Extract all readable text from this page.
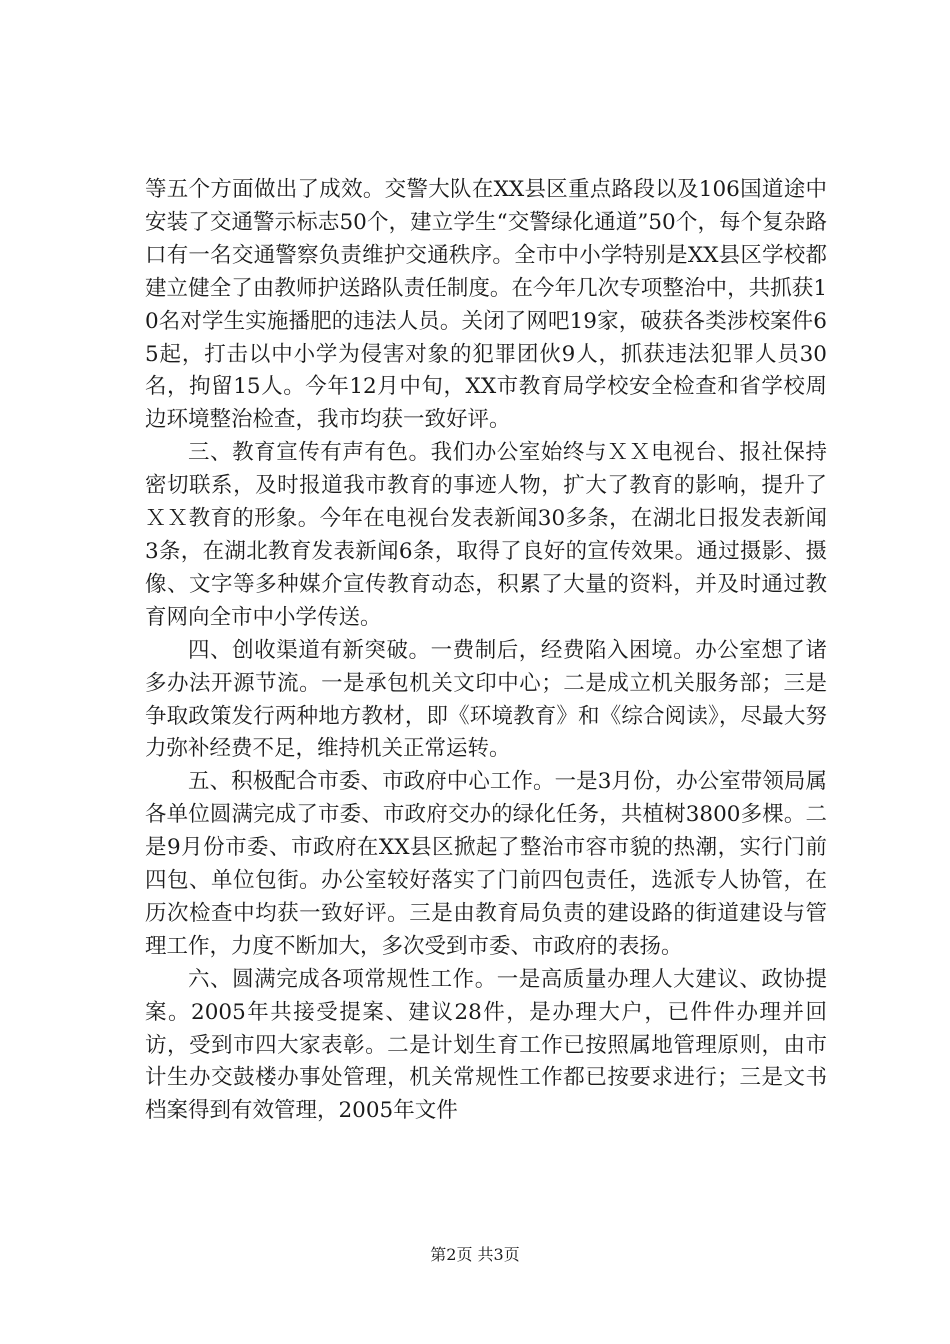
等五个方面做出了成效。交警大队在XX县区重点路段以及106国道途中安装了交通警示标志50个，建立学生“交警绿化通道”50个，每个复杂路口有一名交通警察负责维护交通秩序。全市中小学特别是XX县区学校都建立健全了由教师护送路队责任制度。在今年几次专项整治中，共抓获10名对学生实施播肥的违法人员。关闭了网吧19家，破获各类涉校案件65起，打击以中小学为侵害对象的犯罪团伙9人，抓获违法犯罪人员30名，拘留15人。今年12月中旬，XX市教育局学校安全检查和省学校周边环境整治检查，我市均获一致好评。

三、教育宣传有声有色。我们办公室始终与ＸＸ电视台、报社保持密切联系，及时报道我市教育的事迹人物，扩大了教育的影响，提升了ＸＸ教育的形象。今年在电视台发表新闻30多条，在湖北日报发表新闻3条，在湖北教育发表新闻6条，取得了良好的宣传效果。通过摄影、摄像、文字等多种媒介宣传教育动态，积累了大量的资料，并及时通过教育网向全市中小学传送。

四、创收渠道有新突破。一费制后，经费陷入困境。办公室想了诸多办法开源节流。一是承包机关文印中心；二是成立机关服务部；三是争取政策发行两种地方教材，即《环境教育》和《综合阅读》，尽最大努力弥补经费不足，维持机关正常运转。

五、积极配合市委、市政府中心工作。一是3月份，办公室带领局属各单位圆满完成了市委、市政府交办的绿化任务，共植树3800多棵。二是9月份市委、市政府在XX县区掀起了整治市容市貌的热潮，实行门前四包、单位包街。办公室较好落实了门前四包责任，选派专人协管，在历次检查中均获一致好评。三是由教育局负责的建设路的街道建设与管理工作，力度不断加大，多次受到市委、市政府的表扬。

六、圆满完成各项常规性工作。一是高质量办理人大建议、政协提案。2005年共接受提案、建议28件，是办理大户，已件件办理并回访，受到市四大家表彰。二是计划生育工作已按照属地管理原则，由市计生办交鼓楼办事处管理，机关常规性工作都已按要求进行；三是文书档案得到有效管理，2005年文件

第2页 共3页
